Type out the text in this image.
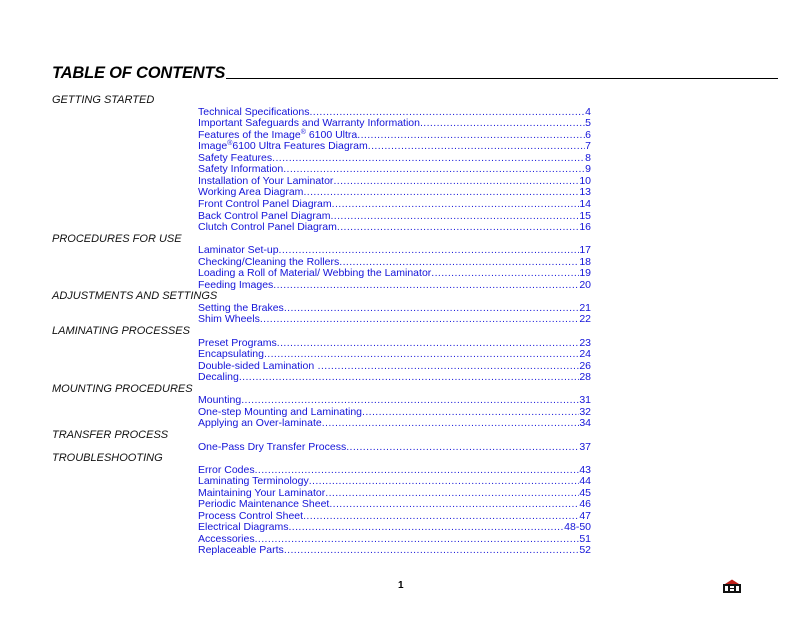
TABLE OF CONTENTS
GETTING STARTED
Technical Specifications .....	4
Important Safeguards and Warranty Information .....	5
Features of the Image® 6100 Ultra .....	6
Image®6100 Ultra Features Diagram .....	7
Safety Features .....	8
Safety Information .....	9
Installation of Your Laminator .....	10
Working Area Diagram .....	13
Front Control Panel Diagram .....	14
Back Control Panel Diagram .....	15
Clutch Control Panel Diagram .....	16
PROCEDURES FOR USE
Laminator Set-up .....	17
Checking/Cleaning the Rollers .....	18
Loading a Roll of Material/ Webbing the Laminator .....	19
Feeding Images .....	20
ADJUSTMENTS AND SETTINGS
Setting the Brakes .....	21
Shim Wheels .....	22
LAMINATING PROCESSES
Preset Programs .....	23
Encapsulating .....	24
Double-sided Lamination … .....	26
Decaling .....	28
MOUNTING PROCEDURES
Mounting .....	31
One-step Mounting and Laminating .....	32
Applying an Over-laminate .....	34
TRANSFER PROCESS
One-Pass Dry Transfer Process .....	37
TROUBLESHOOTING
Error Codes .....	43
Laminating Terminology .....	44
Maintaining Your Laminator .....	45
Periodic Maintenance Sheet .....	46
Process Control Sheet .....	47
Electrical Diagrams .....	48-50
Accessories .....	51
Replaceable Parts .....	52
1
